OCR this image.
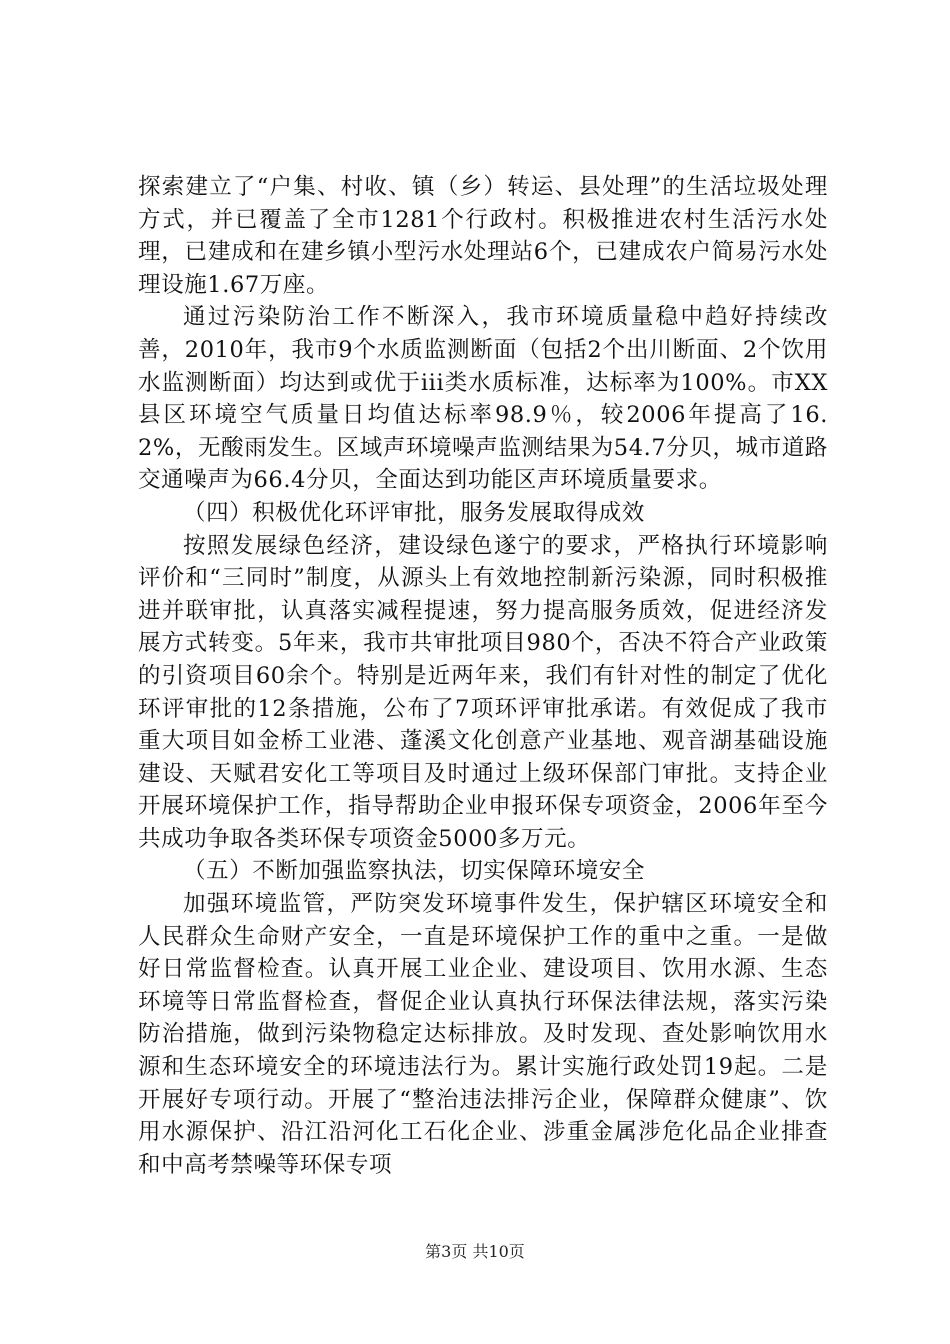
探索建立了“户集、村收、镇（乡）转运、县处理”的生活垃圾处理方式，并已覆盖了全市1281个行政村。积极推进农村生活污水处理，已建成和在建乡镇小型污水处理站6个，已建成农户简易污水处理设施1.67万座。

通过污染防治工作不断深入，我市环境质量稳中趋好持续改善，2010年，我市9个水质监测断面（包括2个出川断面、2个饮用水监测断面）均达到或优于iii类水质标准，达标率为100%。市XX县区环境空气质量日均值达标率98.9％，较2006年提高了16.2%，无酸雨发生。区域声环境噪声监测结果为54.7分贝，城市道路交通噪声为66.4分贝，全面达到功能区声环境质量要求。

（四）积极优化环评审批，服务发展取得成效

按照发展绿色经济，建设绿色遂宁的要求，严格执行环境影响评价和“三同时”制度，从源头上有效地控制新污染源，同时积极推进并联审批，认真落实减程提速，努力提高服务质效，促进经济发展方式转变。5年来，我市共审批项目980个，否决不符合产业政策的引资项目60余个。特别是近两年来，我们有针对性的制定了优化环评审批的12条措施，公布了7项环评审批承诺。有效促成了我市重大项目如金桥工业港、蓬溪文化创意产业基地、观音湖基础设施建设、天赋君安化工等项目及时通过上级环保部门审批。支持企业开展环境保护工作，指导帮助企业申报环保专项资金，2006年至今共成功争取各类环保专项资金5000多万元。

（五）不断加强监察执法，切实保障环境安全

加强环境监管，严防突发环境事件发生，保护辖区环境安全和人民群众生命财产安全，一直是环境保护工作的重中之重。一是做好日常监督检查。认真开展工业企业、建设项目、饮用水源、生态环境等日常监督检查，督促企业认真执行环保法律法规，落实污染防治措施，做到污染物稳定达标排放。及时发现、查处影响饮用水源和生态环境安全的环境违法行为。累计实施行政处罚19起。二是开展好专项行动。开展了“整治违法排污企业，保障群众健康”、饮用水源保护、沿江沿河化工石化企业、涉重金属涉危化品企业排查和中高考禁噪等环保专项

第3页 共10页
